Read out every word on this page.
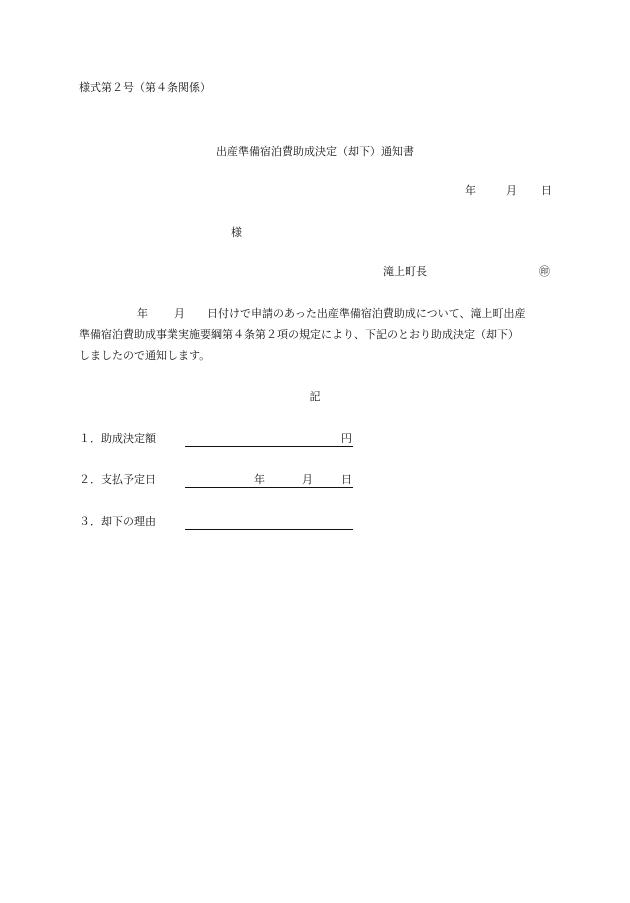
様式第２号（第４条関係）
出産準備宿泊費助成決定（却下）通知書
年	月 日
様
滝上町長	㊞
年 月 日付けで申請のあった出産準備宿泊費助成について、滝上町出産
準備宿泊費助成事業実施要綱第４条第２項の規定により、下記のとおり助成決定（却下）
しましたので通知します。
記
１．助成決定額	円
２．支払予定日	年	月	日
３．却下の理由
